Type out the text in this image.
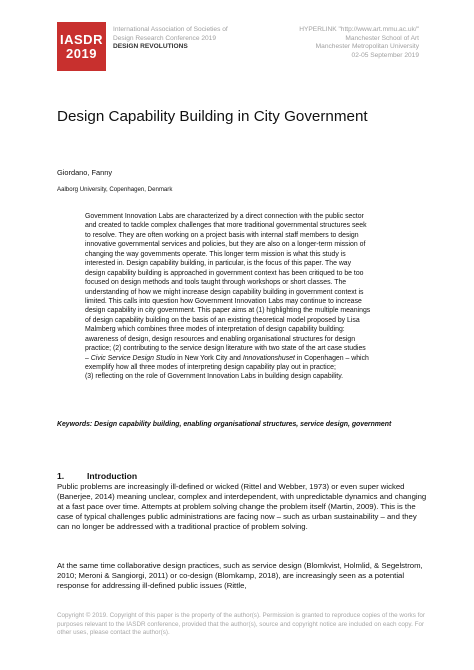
IASDR
2019
International Association of Societies of
Design Research Conference 2019
DESIGN REVOLUTIONS
HYPERLINK "http://www.art.mmu.ac.uk/"
Manchester School of Art
Manchester Metropolitan University
02-05 September 2019
Design Capability Building in City Government
Giordano, Fanny
Aalborg University, Copenhagen, Denmark
Government Innovation Labs are characterized by a direct connection with the public sector
and created to tackle complex challenges that more traditional governmental structures seek
to resolve. They are often working on a project basis with internal staff members to design
innovative governmental services and policies, but they are also on a longer-term mission of
changing the way governments operate. This longer term mission is what this study is
interested in. Design capability building, in particular, is the focus of this paper. The way
design capability building is approached in government context has been critiqued to be too
focused on design methods and tools taught through workshops or short classes. The
understanding of how we might increase design capability building in government context is
limited. This calls into question how Government Innovation Labs may continue to increase
design capability in city government. This paper aims at (1) highlighting the multiple meanings
of design capability building on the basis of an existing theoretical model proposed by Lisa
Malmberg which combines three modes of interpretation of design capability building:
awareness of design, design resources and enabling organisational structures for design
practice; (2) contributing to the service design literature with two state of the art case studies
– Civic Service Design Studio in New York City and Innovationshuset in Copenhagen – which
exemplify how all three modes of interpreting design capability play out in practice;
(3) reflecting on the role of Government Innovation Labs in building design capability.
Keywords: Design capability building, enabling organisational structures, service design, government
1.	Introduction

Public problems are increasingly ill-defined or wicked (Rittel and Webber, 1973) or even super wicked (Banerjee, 2014) meaning unclear, complex and interdependent, with unpredictable dynamics and changing at a fast pace over time. Attempts at problem solving change the problem itself (Martin, 2009). This is the case of typical challenges public administrations are facing now – such as urban sustainability – and they can no longer be addressed with a traditional practice of problem solving.

At the same time collaborative design practices, such as service design (Blomkvist, Holmlid, & Segelstrom, 2010; Meroni & Sangiorgi, 2011) or co-design (Blomkamp, 2018), are increasingly seen as a potential response for addressing ill-defined public issues (Rittle,

Copyright © 2019. Copyright of this paper is the property of the author(s). Permission is granted to reproduce copies of the works for purposes relevant to the IASDR conference, provided that the author(s), source and copyright notice are included on each copy. For other uses, please contact the author(s).
